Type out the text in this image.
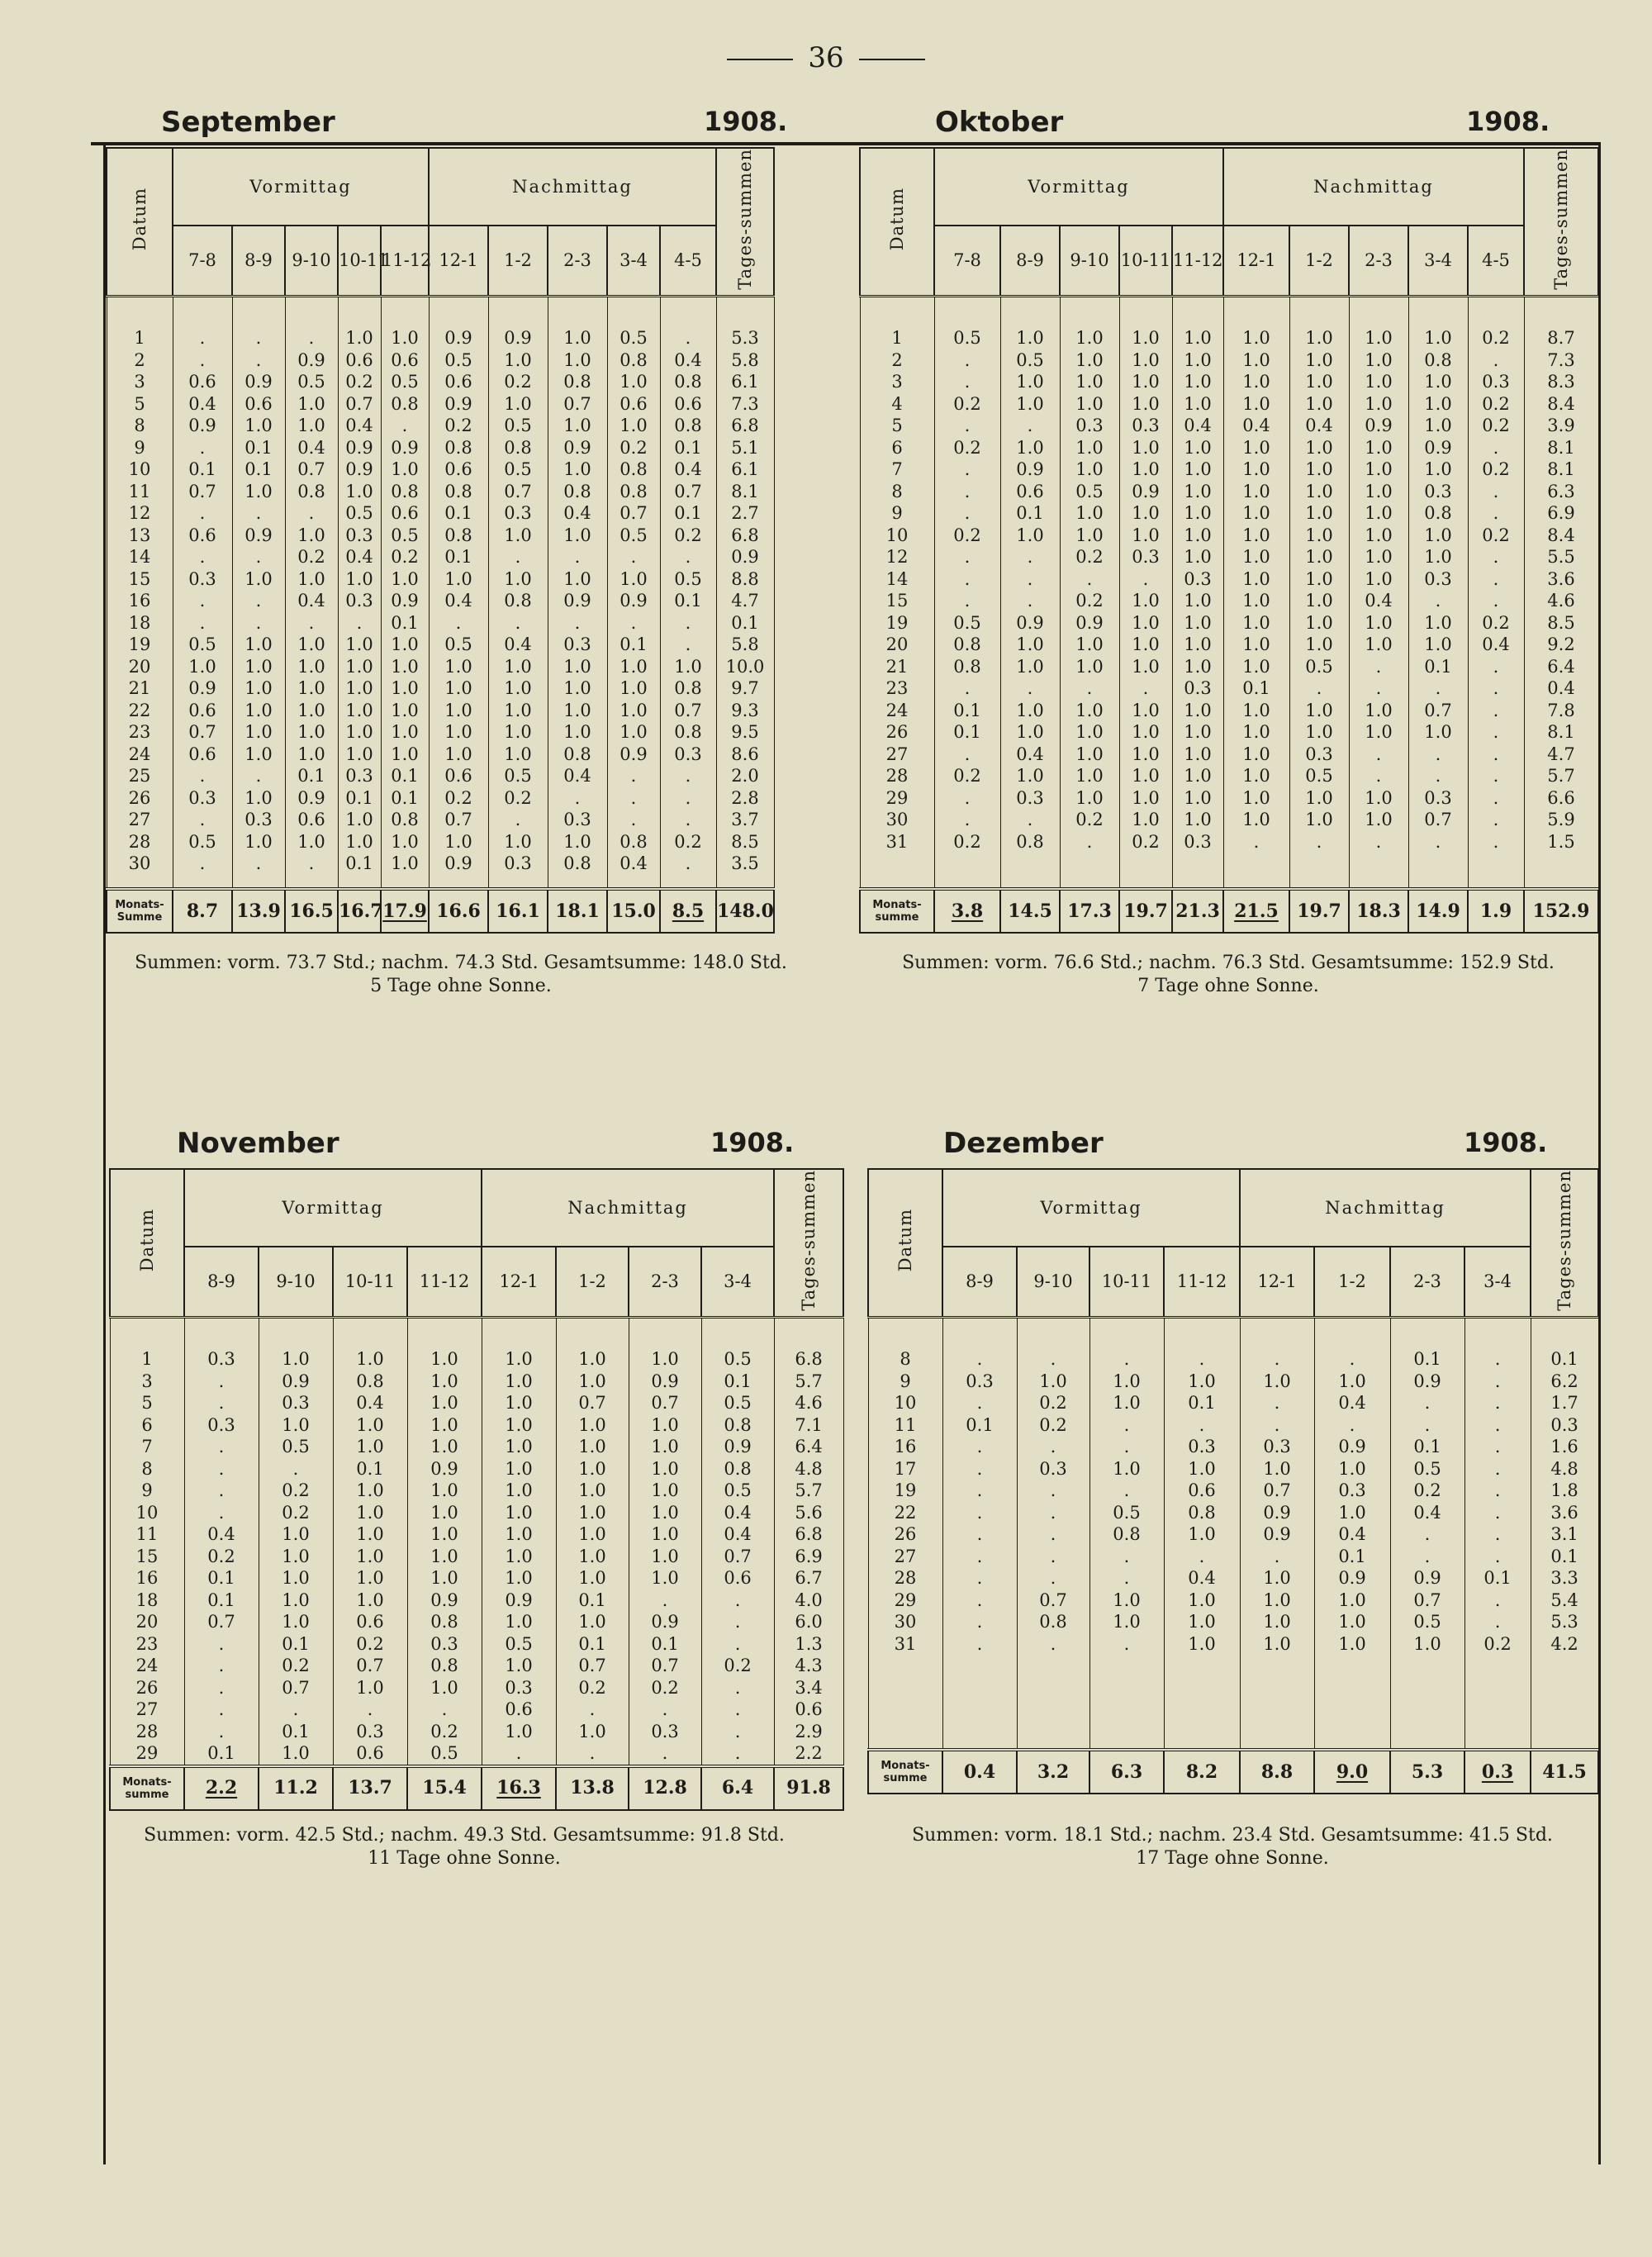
36
September	1908.
Datum	Vormittag					Nachmittag					Tages-summen
	7-8	8-9	9-10	10-11	11-12	12-1	1-2	2-3	3-4	4-5	

1	.	.	.	1.0	1.0	0.9	0.9	1.0	0.5	.	5.3
2	.	.	0.9	0.6	0.6	0.5	1.0	1.0	0.8	0.4	5.8
3	0.6	0.9	0.5	0.2	0.5	0.6	0.2	0.8	1.0	0.8	6.1
5	0.4	0.6	1.0	0.7	0.8	0.9	1.0	0.7	0.6	0.6	7.3
8	0.9	1.0	1.0	0.4	.	0.2	0.5	1.0	1.0	0.8	6.8
9	.	0.1	0.4	0.9	0.9	0.8	0.8	0.9	0.2	0.1	5.1
10	0.1	0.1	0.7	0.9	1.0	0.6	0.5	1.0	0.8	0.4	6.1
11	0.7	1.0	0.8	1.0	0.8	0.8	0.7	0.8	0.8	0.7	8.1
12	.	.	.	0.5	0.6	0.1	0.3	0.4	0.7	0.1	2.7
13	0.6	0.9	1.0	0.3	0.5	0.8	1.0	1.0	0.5	0.2	6.8
14	.	.	0.2	0.4	0.2	0.1	.	.	.	.	0.9
15	0.3	1.0	1.0	1.0	1.0	1.0	1.0	1.0	1.0	0.5	8.8
16	.	.	0.4	0.3	0.9	0.4	0.8	0.9	0.9	0.1	4.7
18	.	.	.	.	0.1	.	.	.	.	.	0.1
19	0.5	1.0	1.0	1.0	1.0	0.5	0.4	0.3	0.1	.	5.8
20	1.0	1.0	1.0	1.0	1.0	1.0	1.0	1.0	1.0	1.0	10.0
21	0.9	1.0	1.0	1.0	1.0	1.0	1.0	1.0	1.0	0.8	9.7
22	0.6	1.0	1.0	1.0	1.0	1.0	1.0	1.0	1.0	0.7	9.3
23	0.7	1.0	1.0	1.0	1.0	1.0	1.0	1.0	1.0	0.8	9.5
24	0.6	1.0	1.0	1.0	1.0	1.0	1.0	0.8	0.9	0.3	8.6
25	.	.	0.1	0.3	0.1	0.6	0.5	0.4	.	.	2.0
26	0.3	1.0	0.9	0.1	0.1	0.2	0.2	.	.	.	2.8
27	.	0.3	0.6	1.0	0.8	0.7	.	0.3	.	.	3.7
28	0.5	1.0	1.0	1.0	1.0	1.0	1.0	1.0	0.8	0.2	8.5
30	.	.	.	0.1	1.0	0.9	0.3	0.8	0.4	.	3.5

Monats-Summe	8.7	13.9	16.5	16.7	17.9	16.6	16.1	18.1	15.0	8.5	148.0
Summen: vorm. 73.7 Std.; nachm. 74.3 Std. Gesamtsumme: 148.0 Std.
5 Tage ohne Sonne.
Oktober	1908.
Datum	Vormittag					Nachmittag					Tages-summen
	7-8	8-9	9-10	10-11	11-12	12-1	1-2	2-3	3-4	4-5	

1	0.5	1.0	1.0	1.0	1.0	1.0	1.0	1.0	1.0	0.2	8.7
2	.	0.5	1.0	1.0	1.0	1.0	1.0	1.0	0.8	.	7.3
3	.	1.0	1.0	1.0	1.0	1.0	1.0	1.0	1.0	0.3	8.3
4	0.2	1.0	1.0	1.0	1.0	1.0	1.0	1.0	1.0	0.2	8.4
5	.	.	0.3	0.3	0.4	0.4	0.4	0.9	1.0	0.2	3.9
6	0.2	1.0	1.0	1.0	1.0	1.0	1.0	1.0	0.9	.	8.1
7	.	0.9	1.0	1.0	1.0	1.0	1.0	1.0	1.0	0.2	8.1
8	.	0.6	0.5	0.9	1.0	1.0	1.0	1.0	0.3	.	6.3
9	.	0.1	1.0	1.0	1.0	1.0	1.0	1.0	0.8	.	6.9
10	0.2	1.0	1.0	1.0	1.0	1.0	1.0	1.0	1.0	0.2	8.4
12	.	.	0.2	0.3	1.0	1.0	1.0	1.0	1.0	.	5.5
14	.	.	.	.	0.3	1.0	1.0	1.0	0.3	.	3.6
15	.	.	0.2	1.0	1.0	1.0	1.0	0.4	.	.	4.6
19	0.5	0.9	0.9	1.0	1.0	1.0	1.0	1.0	1.0	0.2	8.5
20	0.8	1.0	1.0	1.0	1.0	1.0	1.0	1.0	1.0	0.4	9.2
21	0.8	1.0	1.0	1.0	1.0	1.0	0.5	.	0.1	.	6.4
23	.	.	.	.	0.3	0.1	.	.	.	.	0.4
24	0.1	1.0	1.0	1.0	1.0	1.0	1.0	1.0	0.7	.	7.8
26	0.1	1.0	1.0	1.0	1.0	1.0	1.0	1.0	1.0	.	8.1
27	.	0.4	1.0	1.0	1.0	1.0	0.3	.	.	.	4.7
28	0.2	1.0	1.0	1.0	1.0	1.0	0.5	.	.	.	5.7
29	.	0.3	1.0	1.0	1.0	1.0	1.0	1.0	0.3	.	6.6
30	.	.	0.2	1.0	1.0	1.0	1.0	1.0	0.7	.	5.9
31	0.2	0.8	.	0.2	0.3	.	.	.	.	.	1.5

Monats-summe	3.8	14.5	17.3	19.7	21.3	21.5	19.7	18.3	14.9	1.9	152.9
Summen: vorm. 76.6 Std.; nachm. 76.3 Std. Gesamtsumme: 152.9 Std.
7 Tage ohne Sonne.
November	1908.
Datum	Vormittag				Nachmittag				Tages-summen
	8-9	9-10	10-11	11-12	12-1	1-2	2-3	3-4	

1	0.3	1.0	1.0	1.0	1.0	1.0	1.0	0.5	6.8
3	.	0.9	0.8	1.0	1.0	1.0	0.9	0.1	5.7
5	.	0.3	0.4	1.0	1.0	0.7	0.7	0.5	4.6
6	0.3	1.0	1.0	1.0	1.0	1.0	1.0	0.8	7.1
7	.	0.5	1.0	1.0	1.0	1.0	1.0	0.9	6.4
8	.	.	0.1	0.9	1.0	1.0	1.0	0.8	4.8
9	.	0.2	1.0	1.0	1.0	1.0	1.0	0.5	5.7
10	.	0.2	1.0	1.0	1.0	1.0	1.0	0.4	5.6
11	0.4	1.0	1.0	1.0	1.0	1.0	1.0	0.4	6.8
15	0.2	1.0	1.0	1.0	1.0	1.0	1.0	0.7	6.9
16	0.1	1.0	1.0	1.0	1.0	1.0	1.0	0.6	6.7
18	0.1	1.0	1.0	0.9	0.9	0.1	.	.	4.0
20	0.7	1.0	0.6	0.8	1.0	1.0	0.9	.	6.0
23	.	0.1	0.2	0.3	0.5	0.1	0.1	.	1.3
24	.	0.2	0.7	0.8	1.0	0.7	0.7	0.2	4.3
26	.	0.7	1.0	1.0	0.3	0.2	0.2	.	3.4
27	.	.	.	.	0.6	.	.	.	0.6
28	.	0.1	0.3	0.2	1.0	1.0	0.3	.	2.9
29	0.1	1.0	0.6	0.5	.	.	.	.	2.2

Monats-summe	2.2	11.2	13.7	15.4	16.3	13.8	12.8	6.4	91.8
Summen: vorm. 42.5 Std.; nachm. 49.3 Std. Gesamtsumme: 91.8 Std.
11 Tage ohne Sonne.
Dezember	1908.
Datum	Vormittag				Nachmittag				Tages-summen
	8-9	9-10	10-11	11-12	12-1	1-2	2-3	3-4	

8	.	.	.	.	.	.	0.1	.	0.1
9	0.3	1.0	1.0	1.0	1.0	1.0	0.9	.	6.2
10	.	0.2	1.0	0.1	.	0.4	.	.	1.7
11	0.1	0.2	.	.	.	.	.	.	0.3
16	.	.	.	0.3	0.3	0.9	0.1	.	1.6
17	.	0.3	1.0	1.0	1.0	1.0	0.5	.	4.8
19	.	.	.	0.6	0.7	0.3	0.2	.	1.8
22	.	.	0.5	0.8	0.9	1.0	0.4	.	3.6
26	.	.	0.8	1.0	0.9	0.4	.	.	3.1
27	.	.	.	.	.	0.1	.	.	0.1
28	.	.	.	0.4	1.0	0.9	0.9	0.1	3.3
29	.	0.7	1.0	1.0	1.0	1.0	0.7	.	5.4
30	.	0.8	1.0	1.0	1.0	1.0	0.5	.	5.3
31	.	.	.	1.0	1.0	1.0	1.0	0.2	4.2

Monats-summe	0.4	3.2	6.3	8.2	8.8	9.0	5.3	0.3	41.5
Summen: vorm. 18.1 Std.; nachm. 23.4 Std. Gesamtsumme: 41.5 Std.
17 Tage ohne Sonne.
